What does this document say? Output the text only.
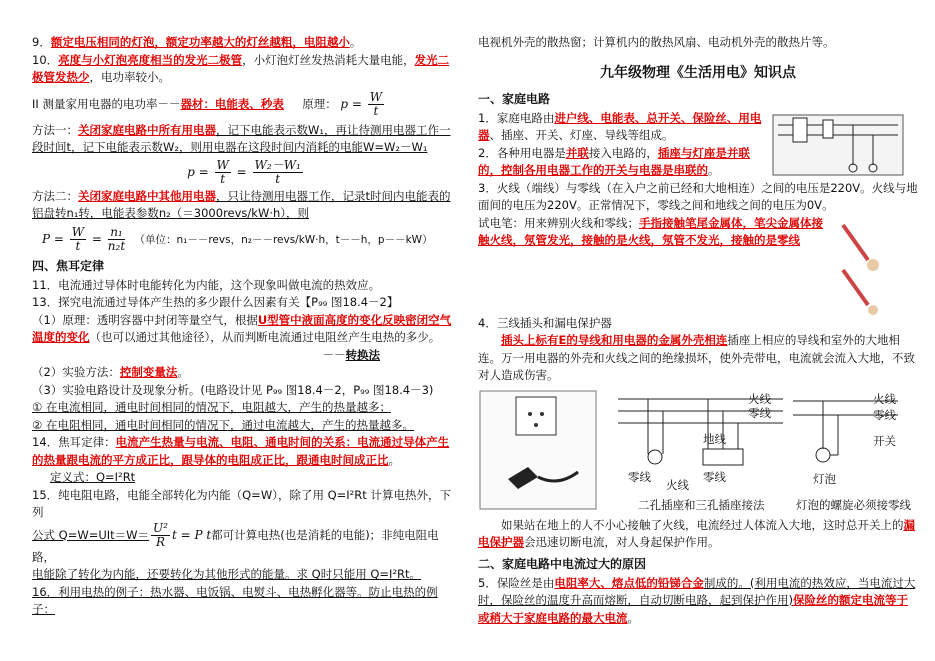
9．额定电压相同的灯泡，额定功率越大的灯丝越粗，电阻越小。

10．亮度与小灯泡亮度相当的发光二极管，小灯泡灯丝发热消耗大量电能，发光二极管发热少，电功率较小。

II 测量家用电器的电功率－－器材：电能表、秒表 原理： $p = \frac{W}{t}$

方法一：关闭家庭电路中所有用电器，记下电能表示数W₁，再让待测用电器工作一段时间t，记下电能表示数W₂，则用电器在这段时间内消耗的电能W=W₂－W₁

$p = \frac{W}{t} = \frac{\text{W₂－W₁}}{t}$

方法二：关闭家庭电路中其他用电器，只让待测用电器工作，记录t时间内电能表的铝盘转n₁转，电能表参数n₂（＝3000revs/kW·h），则

$P = \frac{W}{t} = \frac{\text{n₁}}{\text{n₂t}}$ （单位：n₁－－revs，n₂－－revs/kW·h，t－－h，p－－kW）

四、焦耳定律

11．电流通过导体时电能转化为内能，这个现象叫做电流的热效应。

13．探究电流通过导体产生热的多少跟什么因素有关【P₉₉ 图18.4－2】

（1）原理：透明容器中封闭等量空气，根据U型管中液面高度的变化反映密闭空气温度的变化（也可以通过其他途径），从而判断电流通过电阻丝产生电热的多少。

－－转换法

（2）实验方法：控制变量法。

（3）实验电路设计及现象分析。(电路设计见 P₉₉ 图18.4－2，P₉₉ 图18.4－3)

① 在电流相同，通电时间相同的情况下，电阻越大，产生的热量越多；

② 在电阻相同，通电时间相同的情况下，通过电流越大，产生的热量越多。

14．焦耳定律：电流产生热量与电流、电阻、通电时间的关系：电流通过导体产生的热量跟电流的平方成正比，跟导体的电阻成正比，跟通电时间成正比。

定义式：Q=I²Rt

15．纯电阻电路，电能全部转化为内能（Q=W），除了用 Q=I²Rt 计算电热外，下列

公式 $Q=W=UIt=W= \frac{\text{U²}}{R}$ t = P t都可计算电热(也是消耗的电能)；非纯电阻电路，

电能除了转化为内能，还要转化为其他形式的能量。求 Q时只能用 Q=I²Rt。

16．利用电热的例子：热水器、电饭锅、电熨斗、电热孵化器等。防止电热的例子：

电视机外壳的散热窗；计算机内的散热风扇、电动机外壳的散热片等。

九年级物理《生活用电》知识点

一、家庭电路

1．家庭电路由进户线、电能表、总开关、保险丝、用电器、插座、开关、灯座、导线等组成。

2．各种用电器是并联接入电路的，插座与灯座是并联的，控制各用电器工作的开关与电器是串联的。

3．火线（端线）与零线（在入户之前已经和大地相连）之间的电压是220V。火线与地面间的电压为220V。正常情况下，零线之间和地线之间的电压为0V。

试电笔：用来辨别火线和零线；手指接触笔尾金属体，笔尖金属体接触火线，氖管发光，接触的是火线，氖管不发光，接触的是零线

4．三线插头和漏电保护器

插头上标有E的导线和用电器的金属外壳相连插座上相应的导线和室外的大地相连。万一用电器的外壳和火线之间的绝缘损坏，使外壳带电，电流就会流入大地，不致对人造成伤害。

火线
零线
地线
零线
火线
零线
火线
零线
开关
灯泡
二孔插座和三孔插座接法	灯泡的螺旋必须接零线

如果站在地上的人不小心接触了火线，电流经过人体流入大地，这时总开关上的漏电保护器会迅速切断电流，对人身起保护作用。

二、家庭电路中电流过大的原因

5．保险丝是由电阻率大、熔点低的铅锑合金制成的。(利用电流的热效应，当电流过大时，保险丝的温度升高而熔断，自动切断电路，起到保护作用)保险丝的额定电流等于或稍大于家庭电路的最大电流。
